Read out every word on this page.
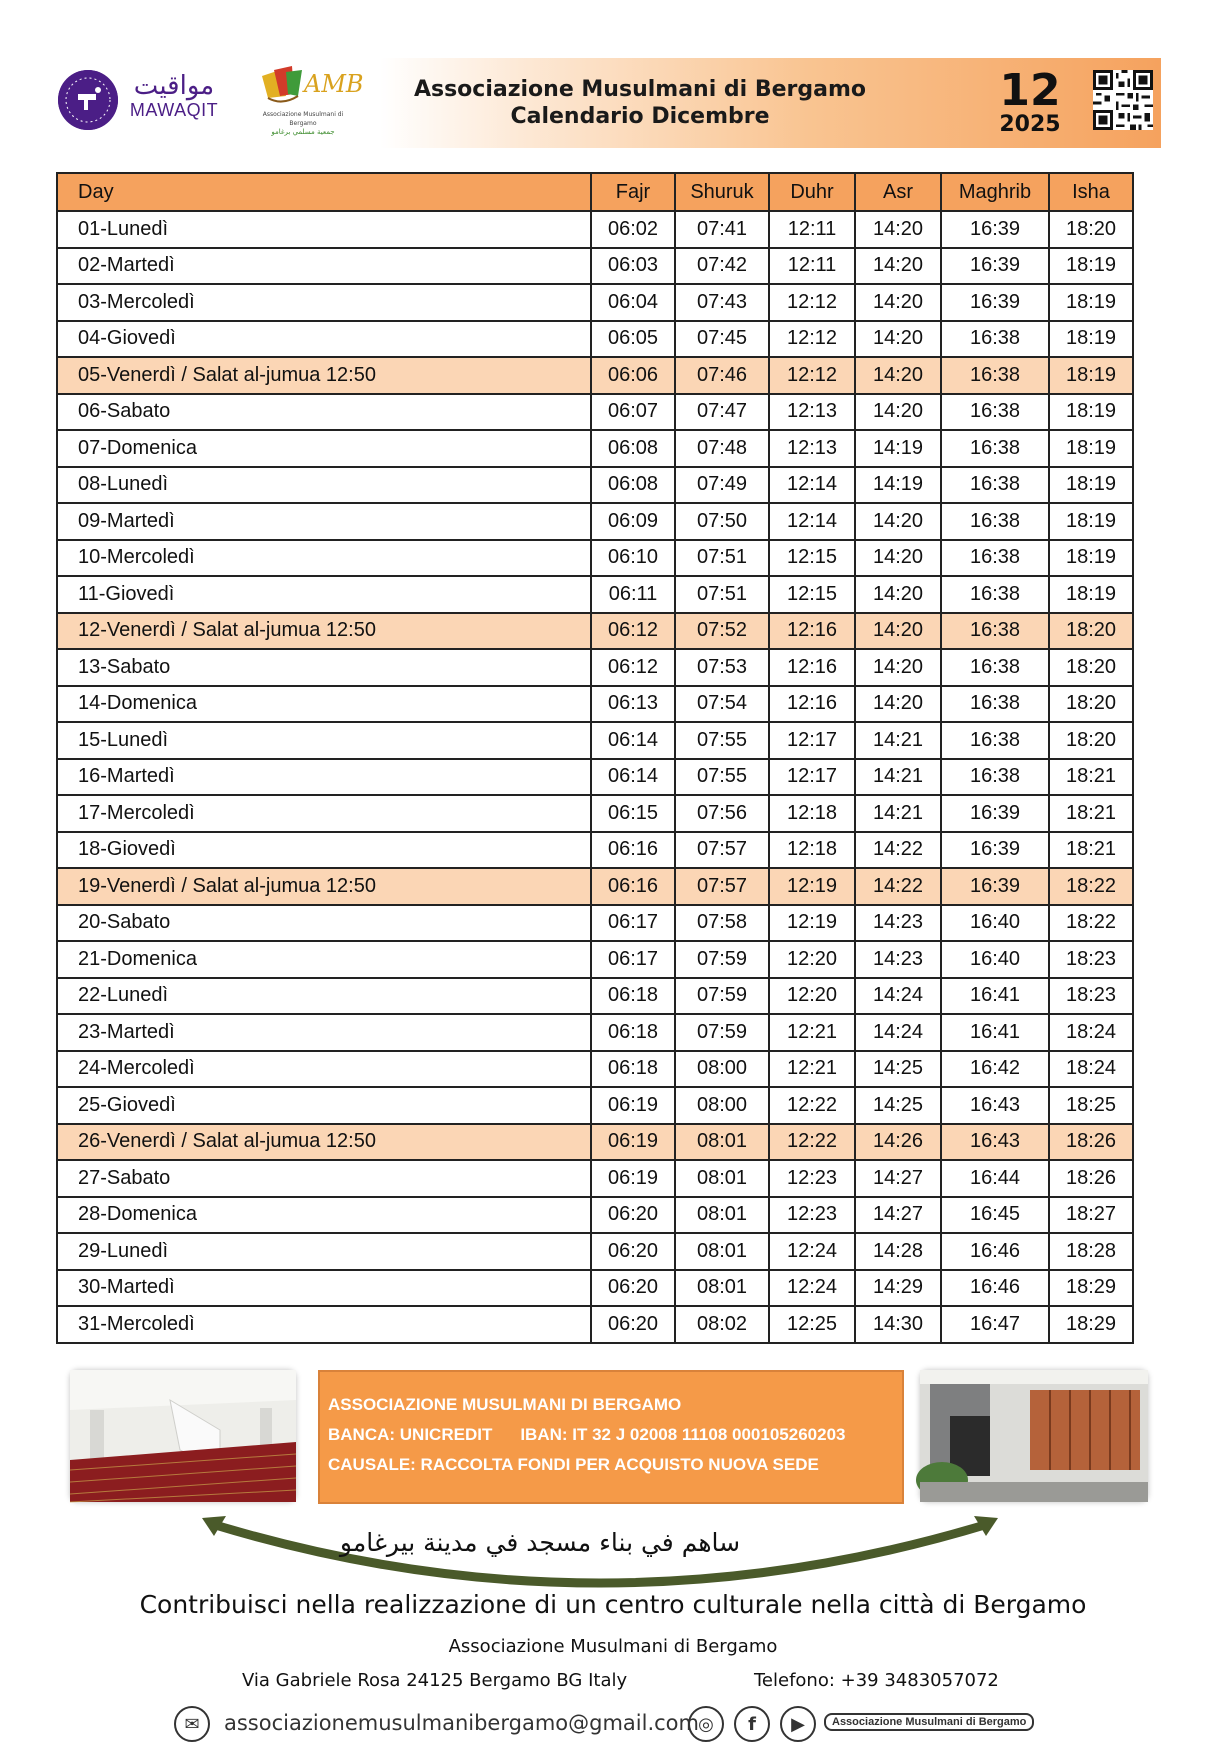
مواقيت
MAWAQIT
AMB
Associazione Musulmani di Bergamo
جمعية مسلمي برغامو
Associazione Musulmani di Bergamo
Calendario Dicembre
12
2025
Day	Fajr	Shuruk	Duhr	Asr	Maghrib	Isha
01-Lunedì	06:02	07:41	12:11	14:20	16:39	18:20
02-Martedì	06:03	07:42	12:11	14:20	16:39	18:19
03-Mercoledì	06:04	07:43	12:12	14:20	16:39	18:19
04-Giovedì	06:05	07:45	12:12	14:20	16:38	18:19
05-Venerdì / Salat al-jumua 12:50	06:06	07:46	12:12	14:20	16:38	18:19
06-Sabato	06:07	07:47	12:13	14:20	16:38	18:19
07-Domenica	06:08	07:48	12:13	14:19	16:38	18:19
08-Lunedì	06:08	07:49	12:14	14:19	16:38	18:19
09-Martedì	06:09	07:50	12:14	14:20	16:38	18:19
10-Mercoledì	06:10	07:51	12:15	14:20	16:38	18:19
11-Giovedì	06:11	07:51	12:15	14:20	16:38	18:19
12-Venerdì / Salat al-jumua 12:50	06:12	07:52	12:16	14:20	16:38	18:20
13-Sabato	06:12	07:53	12:16	14:20	16:38	18:20
14-Domenica	06:13	07:54	12:16	14:20	16:38	18:20
15-Lunedì	06:14	07:55	12:17	14:21	16:38	18:20
16-Martedì	06:14	07:55	12:17	14:21	16:38	18:21
17-Mercoledì	06:15	07:56	12:18	14:21	16:39	18:21
18-Giovedì	06:16	07:57	12:18	14:22	16:39	18:21
19-Venerdì / Salat al-jumua 12:50	06:16	07:57	12:19	14:22	16:39	18:22
20-Sabato	06:17	07:58	12:19	14:23	16:40	18:22
21-Domenica	06:17	07:59	12:20	14:23	16:40	18:23
22-Lunedì	06:18	07:59	12:20	14:24	16:41	18:23
23-Martedì	06:18	07:59	12:21	14:24	16:41	18:24
24-Mercoledì	06:18	08:00	12:21	14:25	16:42	18:24
25-Giovedì	06:19	08:00	12:22	14:25	16:43	18:25
26-Venerdì / Salat al-jumua 12:50	06:19	08:01	12:22	14:26	16:43	18:26
27-Sabato	06:19	08:01	12:23	14:27	16:44	18:26
28-Domenica	06:20	08:01	12:23	14:27	16:45	18:27
29-Lunedì	06:20	08:01	12:24	14:28	16:46	18:28
30-Martedì	06:20	08:01	12:24	14:29	16:46	18:29
31-Mercoledì	06:20	08:02	12:25	14:30	16:47	18:29
ASSOCIAZIONE MUSULMANI DI BERGAMO
BANCA: UNICREDIT IBAN: IT 32 J 02008 11108 000105260203
CAUSALE: RACCOLTA FONDI PER ACQUISTO NUOVA SEDE
ساهم في بناء مسجد في مدينة بيرغامو
Contribuisci nella realizzazione di un centro culturale nella città di Bergamo
Associazione Musulmani di Bergamo
Via Gabriele Rosa 24125 Bergamo BG Italy	Telefono: +39 3483057072
✉	associazionemusulmanibergamo@gmail.com ◎	f	▶	Associazione Musulmani di Bergamo
